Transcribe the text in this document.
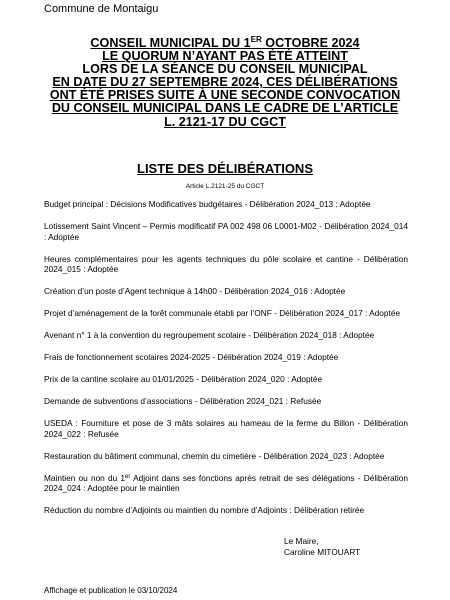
Commune de Montaigu
CONSEIL MUNICIPAL DU 1ER OCTOBRE 2024
LE QUORUM N’AYANT PAS ÉTÉ ATTEINT
LORS DE LA SÉANCE DU CONSEIL MUNICIPAL
EN DATE DU 27 SEPTEMBRE 2024, CES DÉLIBÉRATIONS
ONT ÉTÉ PRISES SUITE À UNE SECONDE CONVOCATION
DU CONSEIL MUNICIPAL DANS LE CADRE DE L’ARTICLE
L. 2121-17 DU CGCT
LISTE DES DÉLIBÉRATIONS
Article L.2121-25 du CGCT

Budget principal : Décisions Modificatives budgétaires - Délibération 2024_013 : Adoptée

Lotissement Saint Vincent – Permis modificatif PA 002 498 06 L0001-M02 - Délibération 2024_014 : Adoptée

Heures complémentaires pour les agents techniques du pôle scolaire et cantine - Délibération 2024_015 : Adoptée

Création d’un poste d’Agent technique à 14h00 - Délibération 2024_016 : Adoptée

Projet d’aménagement de la forêt communale établi par l’ONF - Délibération 2024_017 : Adoptée

Avenant n° 1 à la convention du regroupement scolaire - Délibération 2024_018 : Adoptée

Frais de fonctionnement scolaires 2024-2025 - Délibération 2024_019 : Adoptée

Prix de la cantine scolaire au 01/01/2025 - Délibération 2024_020 : Adoptée

Demande de subventions d’associations - Délibération 2024_021 : Refusée

USEDA : Fourniture et pose de 3 mâts solaires au hameau de la ferme du Billon - Délibération 2024_022 : Refusée

Restauration du bâtiment communal, chemin du cimetière - Délibération 2024_023 : Adoptée

Maintien ou non du 1er Adjoint dans ses fonctions après retrait de ses délégations - Délibération 2024_024 : Adoptée pour le maintien

Réduction du nombre d’Adjoints ou maintien du nombre d’Adjoints : Délibération retirée

Le Maire,
Caroline MITOUART
Affichage et publication le 03/10/2024
